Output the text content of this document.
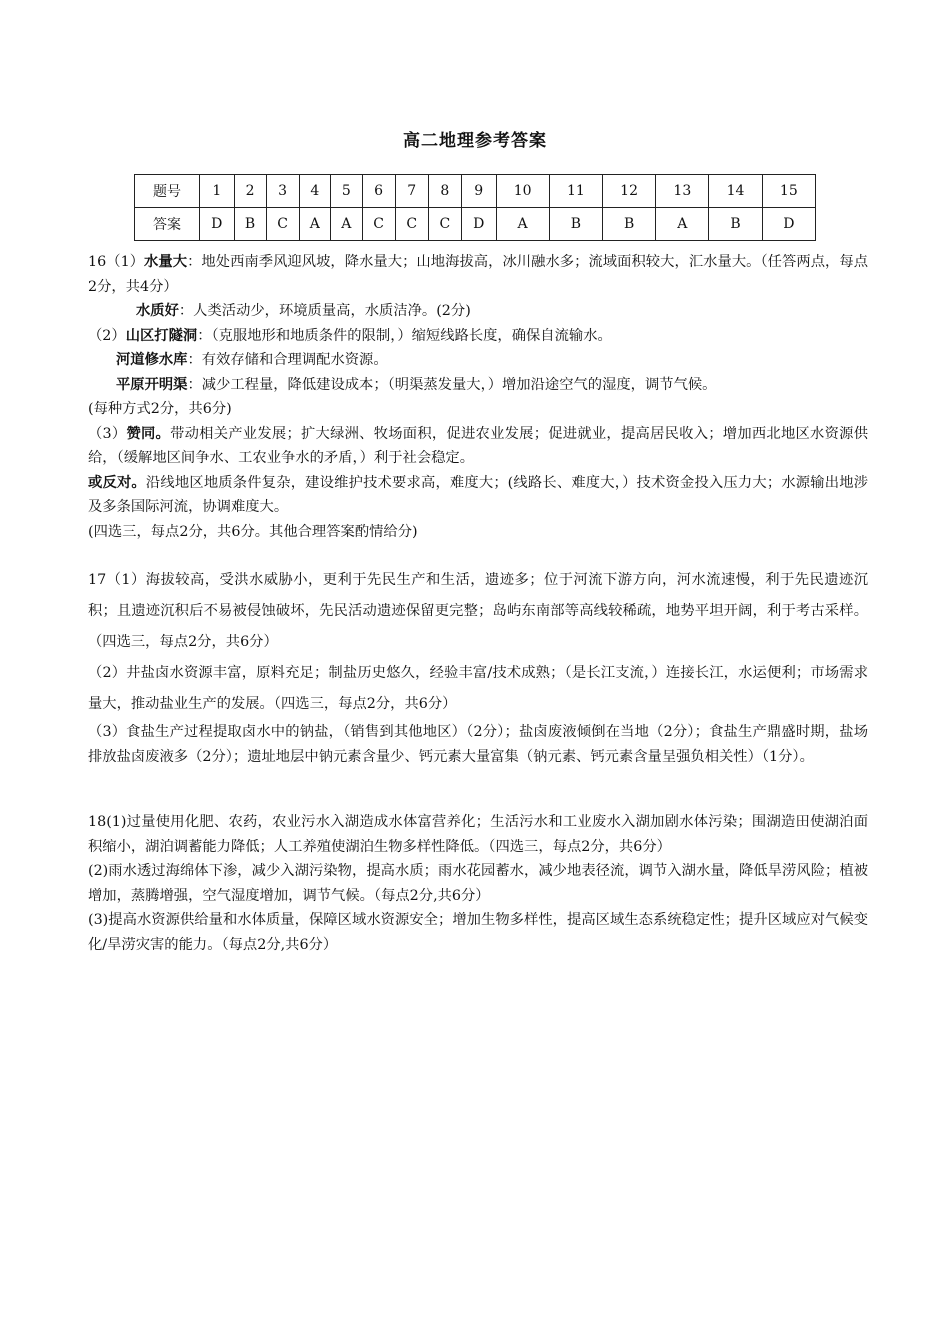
高二地理参考答案
题号	1	2	3	4	5	6	7	8	9	10	11	12	13	14	15
答案	D	B	C	A	A	C	C	C	D	A	B	B	A	B	D

16（1）水量大：地处西南季风迎风坡，降水量大；山地海拔高，冰川融水多；流域面积较大，汇水量大。（任答两点，每点2分，共4分）

水质好：人类活动少，环境质量高，水质洁净。(2分)

（2）山区打隧洞：（克服地形和地质条件的限制，）缩短线路长度，确保自流输水。

河道修水库：有效存储和合理调配水资源。

平原开明渠：减少工程量，降低建设成本；（明渠蒸发量大，）增加沿途空气的湿度，调节气候。

(每种方式2分，共6分)

（3）赞同。带动相关产业发展；扩大绿洲、牧场面积，促进农业发展；促进就业，提高居民收入；增加西北地区水资源供给，（缓解地区间争水、工农业争水的矛盾，）利于社会稳定。

或反对。沿线地区地质条件复杂，建设维护技术要求高，难度大；(线路长、难度大，）技术资金投入压力大；水源输出地涉及多条国际河流，协调难度大。

(四选三，每点2分，共6分。其他合理答案酌情给分)

17（1）海拔较高，受洪水威胁小，更利于先民生产和生活，遗迹多；位于河流下游方向，河水流速慢，利于先民遗迹沉积；且遗迹沉积后不易被侵蚀破坏，先民活动遗迹保留更完整；岛屿东南部等高线较稀疏，地势平坦开阔，利于考古采样。（四选三，每点2分，共6分）

（2）井盐卤水资源丰富，原料充足；制盐历史悠久，经验丰富/技术成熟；（是长江支流，）连接长江，水运便利；市场需求量大，推动盐业生产的发展。（四选三，每点2分，共6分）

（3）食盐生产过程提取卤水中的钠盐，（销售到其他地区）（2分）；盐卤废液倾倒在当地（2分）；食盐生产鼎盛时期，盐场排放盐卤废液多（2分）；遗址地层中钠元素含量少、钙元素大量富集（钠元素、钙元素含量呈强负相关性）（1分）。

18(1)过量使用化肥、农药，农业污水入湖造成水体富营养化；生活污水和工业废水入湖加剧水体污染；围湖造田使湖泊面积缩小，湖泊调蓄能力降低；人工养殖使湖泊生物多样性降低。（四选三，每点2分，共6分）

(2)雨水透过海绵体下渗，减少入湖污染物，提高水质；雨水花园蓄水，减少地表径流，调节入湖水量，降低旱涝风险；植被增加，蒸腾增强，空气湿度增加，调节气候。（每点2分,共6分）

(3)提高水资源供给量和水体质量，保障区域水资源安全；增加生物多样性，提高区域生态系统稳定性；提升区域应对气候变化/旱涝灾害的能力。（每点2分,共6分）
